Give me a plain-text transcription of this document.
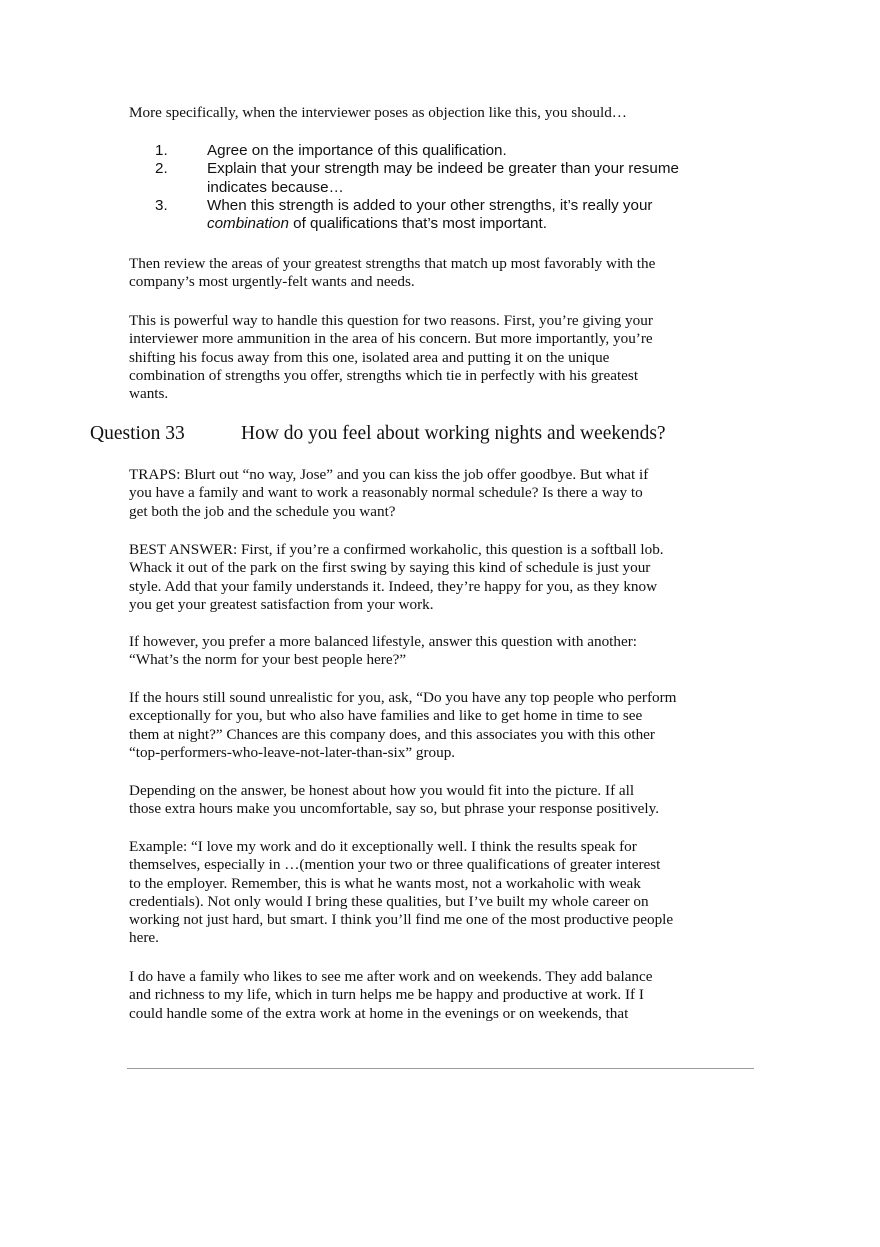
More specifically, when the interviewer poses as objection like this, you should…
1.	Agree on the importance of this qualification.
2.	Explain that your strength may be indeed be greater than your resume
indicates because…
3.	When this strength is added to your other strengths, it’s really your
combination of qualifications that’s most important.
Then review the areas of your greatest strengths that match up most favorably with the
company’s most urgently-felt wants and needs.
This is powerful way to handle this question for two reasons. First, you’re giving your
interviewer more ammunition in the area of his concern. But more importantly, you’re
shifting his focus away from this one, isolated area and putting it on the unique
combination of strengths you offer, strengths which tie in perfectly with his greatest
wants.
Question 33	How do you feel about working nights and weekends?
TRAPS: Blurt out “no way, Jose” and you can kiss the job offer goodbye. But what if
you have a family and want to work a reasonably normal schedule? Is there a way to
get both the job and the schedule you want?
BEST ANSWER: First, if you’re a confirmed workaholic, this question is a softball lob.
Whack it out of the park on the first swing by saying this kind of schedule is just your
style. Add that your family understands it. Indeed, they’re happy for you, as they know
you get your greatest satisfaction from your work.
If however, you prefer a more balanced lifestyle, answer this question with another:
“What’s the norm for your best people here?”
If the hours still sound unrealistic for you, ask, “Do you have any top people who perform
exceptionally for you, but who also have families and like to get home in time to see
them at night?” Chances are this company does, and this associates you with this other
“top-performers-who-leave-not-later-than-six” group.
Depending on the answer, be honest about how you would fit into the picture. If all
those extra hours make you uncomfortable, say so, but phrase your response positively.
Example: “I love my work and do it exceptionally well. I think the results speak for
themselves, especially in …(mention your two or three qualifications of greater interest
to the employer. Remember, this is what he wants most, not a workaholic with weak
credentials). Not only would I bring these qualities, but I’ve built my whole career on
working not just hard, but smart. I think you’ll find me one of the most productive people
here.
I do have a family who likes to see me after work and on weekends. They add balance
and richness to my life, which in turn helps me be happy and productive at work. If I
could handle some of the extra work at home in the evenings or on weekends, that
